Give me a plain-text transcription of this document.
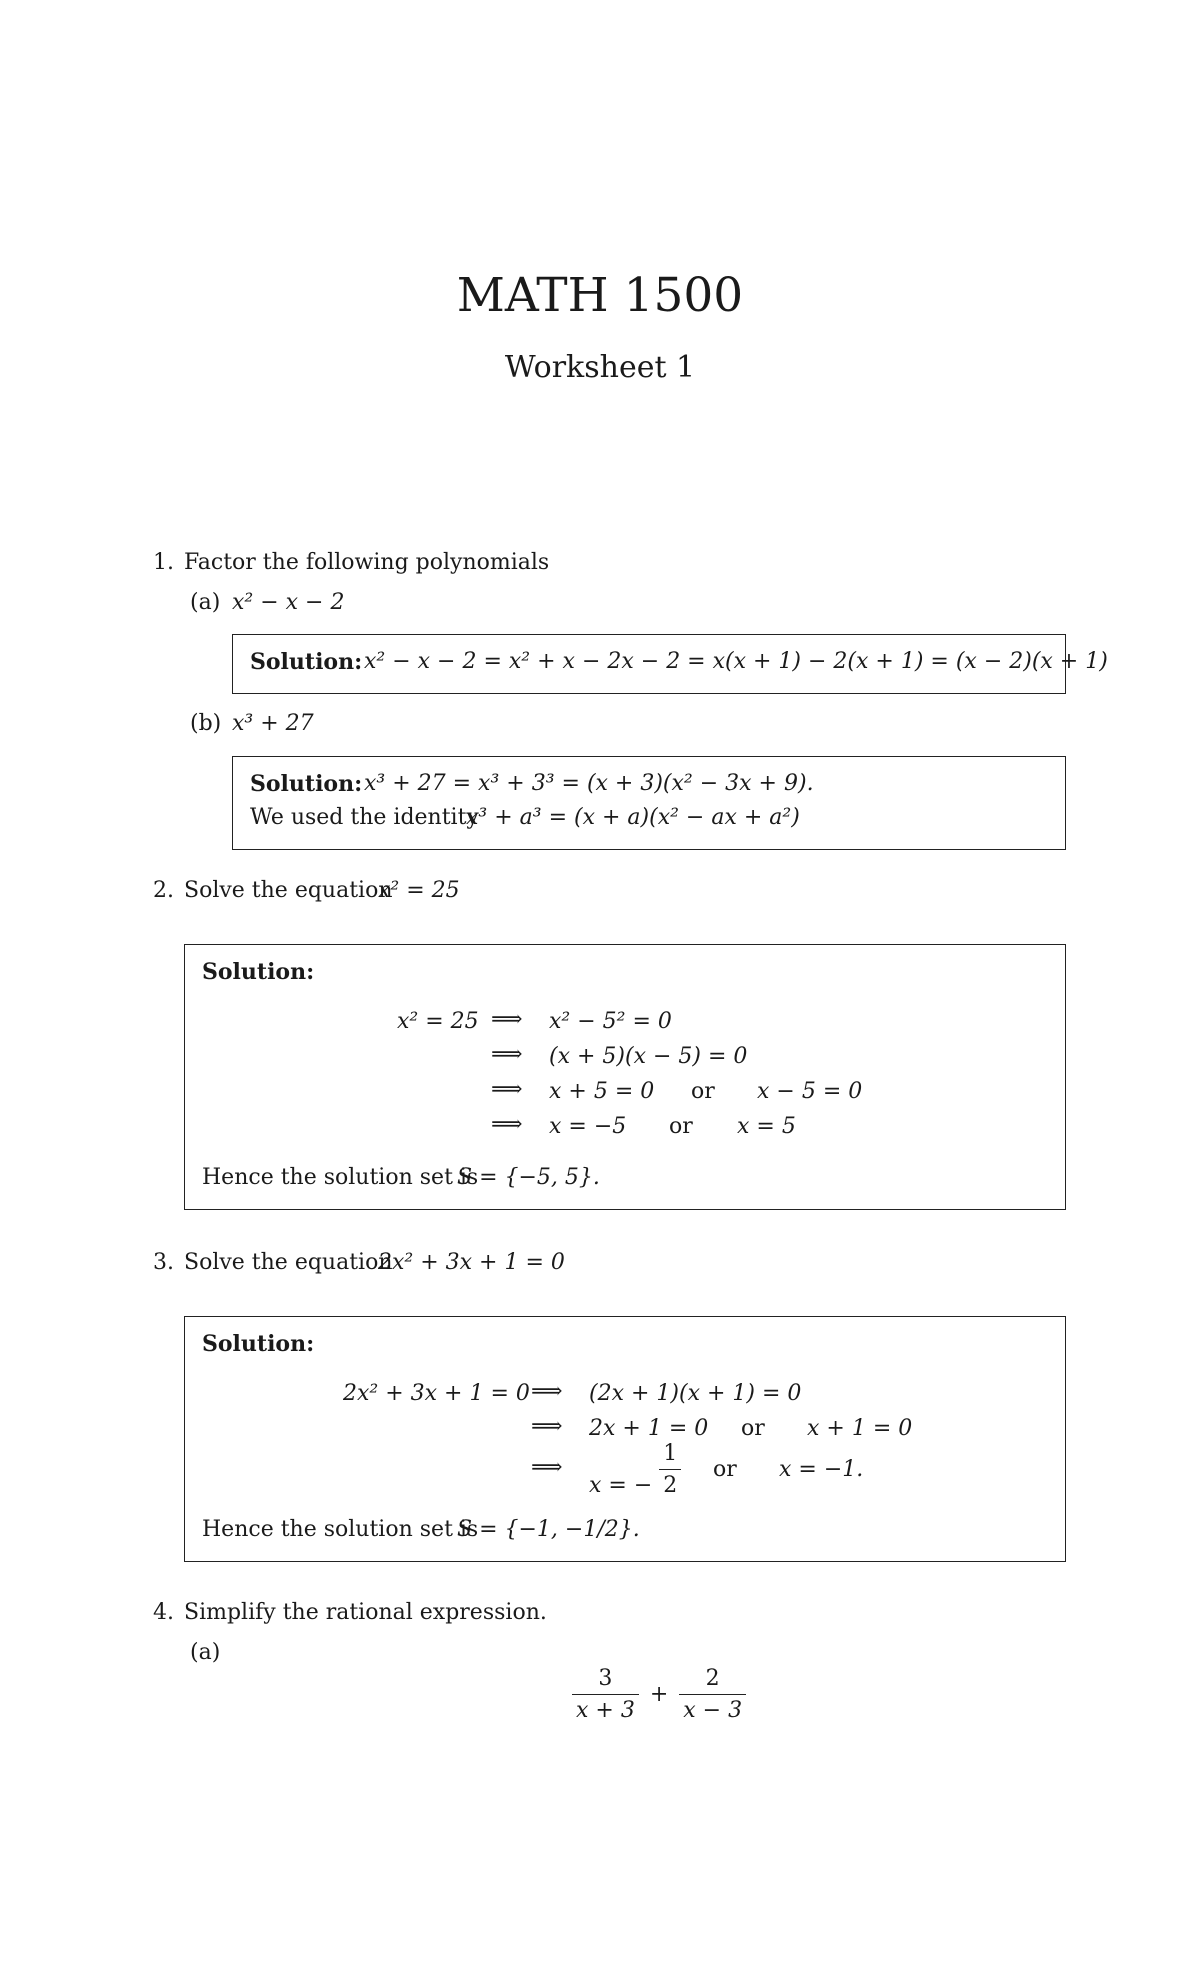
MATH 1500
Worksheet 1
1. Factor the following polynomials
(a) x² − x − 2
Solution: x² − x − 2 = x² + x − 2x − 2 = x(x + 1) − 2(x + 1) = (x − 2)(x + 1)
(b) x³ + 27
Solution: x³ + 27 = x³ + 3³ = (x + 3)(x² − 3x + 9).
We used the identity
x³ + a³ = (x + a)(x² − ax + a²)
2. Solve the equation
x² = 25
Solution:
x² = 25 ⟹
⟹
⟹
⟹
x² − 5² = 0
(x + 5)(x − 5) = 0
x + 5 = 0 or x − 5 = 0
x = −5 or x = 5
Hence the solution set is
S = {−5, 5}.
3. Solve the equation
2x² + 3x + 1 = 0
Solution:
2x² + 3x + 1 = 0 ⟹
⟹
⟹
(2x + 1)(x + 1) = 0
2x + 1 = 0 or x + 1 = 0
x = − $\frac{1}{2}$ or x = −1.
Hence the solution set is
S = {−1, −1/2}.
4. Simplify the rational expression.
(a)
$\frac{3}{x + 3} + \frac{2}{x - 3}$
